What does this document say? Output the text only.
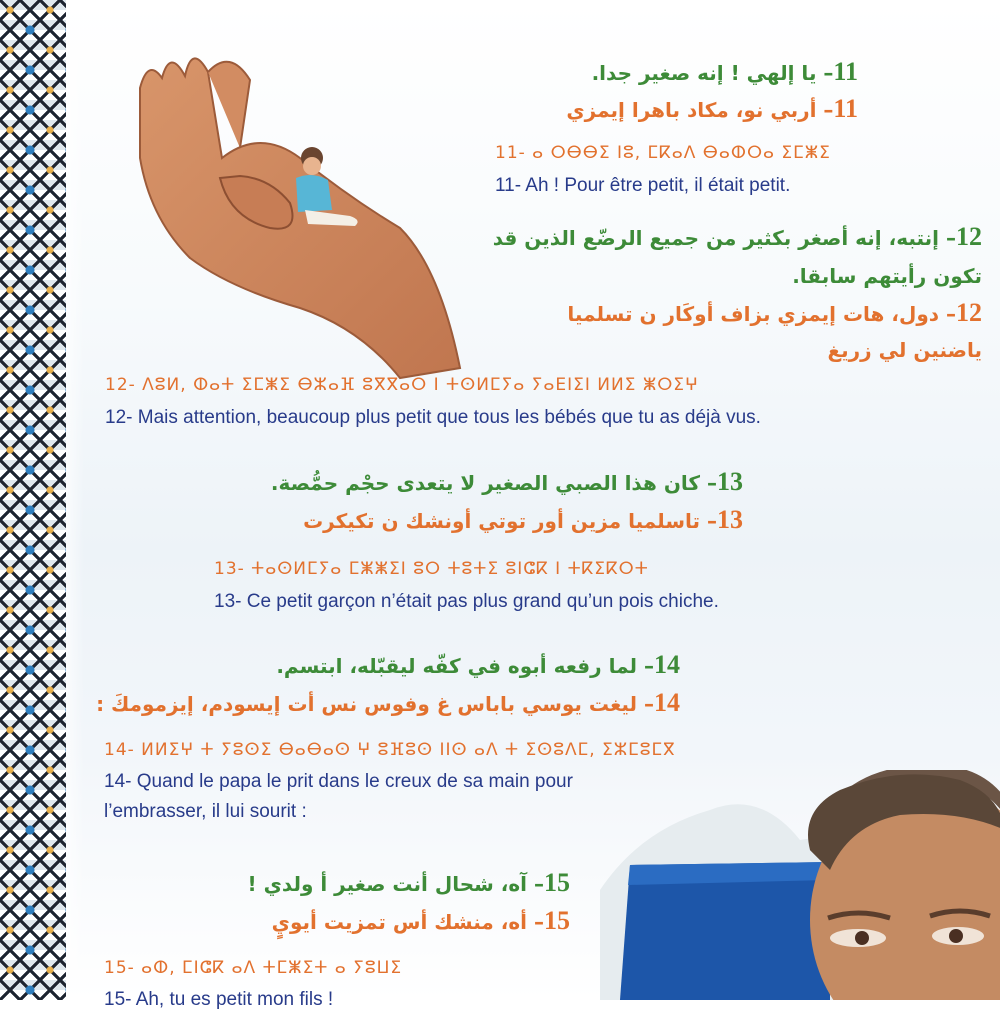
11– يا إلهي ! إنه صغير جدا.

11– أربي نو، مكاد باهرا إيمزي

11- ⴰ ⵔⴱⴱⵉ ⵏⵓ, ⵎⴽⴰⴷ ⴱⴰⵀⵔⴰ ⵉⵎⵥⵉ

11- Ah ! Pour être petit, il était petit.

12– إنتبه، إنه أصغر بكثير من جميع الرضّع الذين قد

تكون رأيتهم سابقا.

12– دول، هات إيمزي بزاف أوكَار ن تسلميا

ياضنين لي زريغ

12- ⴷⵓⵍ, ⵀⴰⵜ ⵉⵎⵥⵉ ⴱⵣⴰⴼ ⵓⴳⴳⴰⵔ ⵏ ⵜⵙⵍⵎⵢⴰ ⵢⴰⴹⵏⵉⵏ ⵍⵍⵉ ⵥⵔⵉⵖ

12- Mais attention, beaucoup plus petit que tous les bébés que tu as déjà vus.

13– كان هذا الصبي الصغير لا يتعدى حجْم حمُّصة.

13– تاسلميا مزين أور توتي أونشك ن تكيكرت

13- ⵜⴰⵙⵍⵎⵢⴰ ⵎⵥⵥⵉⵏ ⵓⵔ ⵜⵓⵜⵉ ⵓⵏⵛⴽ ⵏ ⵜⴽⵉⴽⵔⵜ

13- Ce petit garçon n’était pas plus grand qu’un pois chiche.

14– لما رفعه أبوه في كفّه ليقبّله، ابتسم.

14– ليغت يوسي باباس غ وفوس نس أت إيسودم، إيزمومكَ :

14- ⵍⵍⵉⵖ ⵜ ⵢⵓⵙⵉ ⴱⴰⴱⴰⵙ ⵖ ⵓⴼⵓⵙ ⵏⵏⵙ ⴰⴷ ⵜ ⵉⵙⵓⴷⵎ, ⵉⵣⵎⵓⵎⴳ

14- Quand le papa le prit dans le creux de sa main pour

l’embrasser, il lui sourit :

15– آه، شحال أنت صغير أ ولدي !

15– أه، منشك أس تمزيت أيويٍ

15- ⴰⵀ, ⵎⵏⵛⴽ ⴰⴷ ⵜⵎⵥⵉⵜ ⴰ ⵢⵓⵡⵉ

15- Ah, tu es petit mon fils !
